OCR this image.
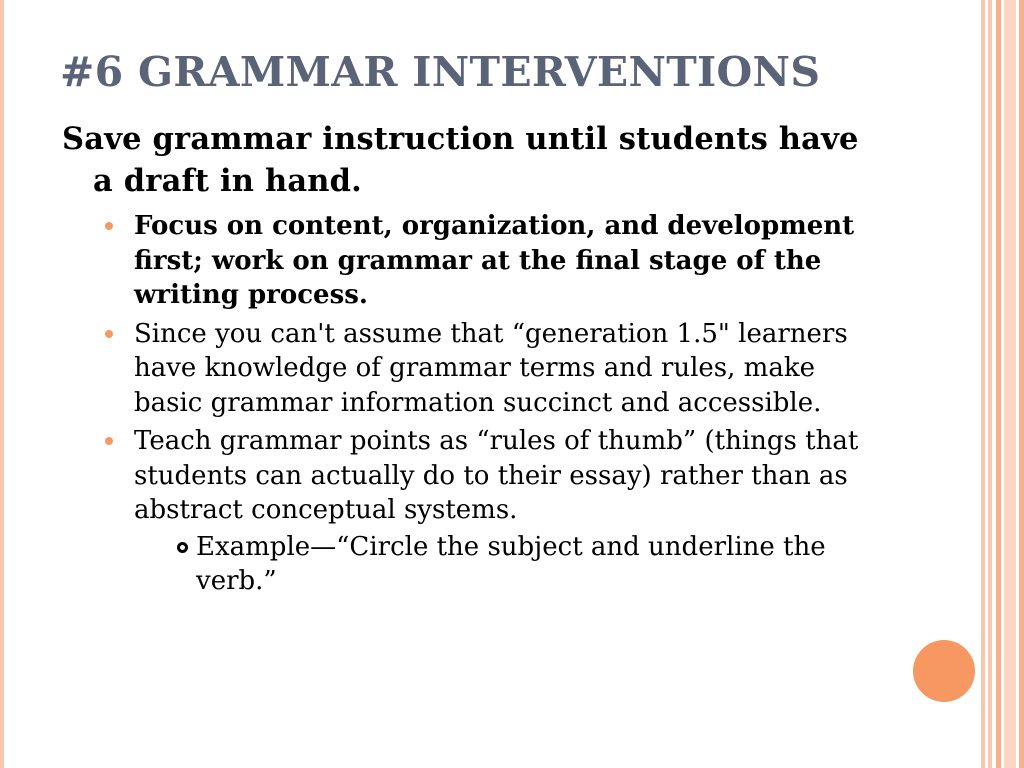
#6 GRAMMAR INTERVENTIONS

Save grammar instruction until students have a draft in hand.

Focus on content, organization, and development first; work on grammar at the final stage of the writing process.
Since you can't assume that “generation 1.5" learners have knowledge of grammar terms and rules, make basic grammar information succinct and accessible.
Teach grammar points as “rules of thumb” (things that students can actually do to their essay) rather than as abstract conceptual systems.
Example—“Circle the subject and underline the verb.”
